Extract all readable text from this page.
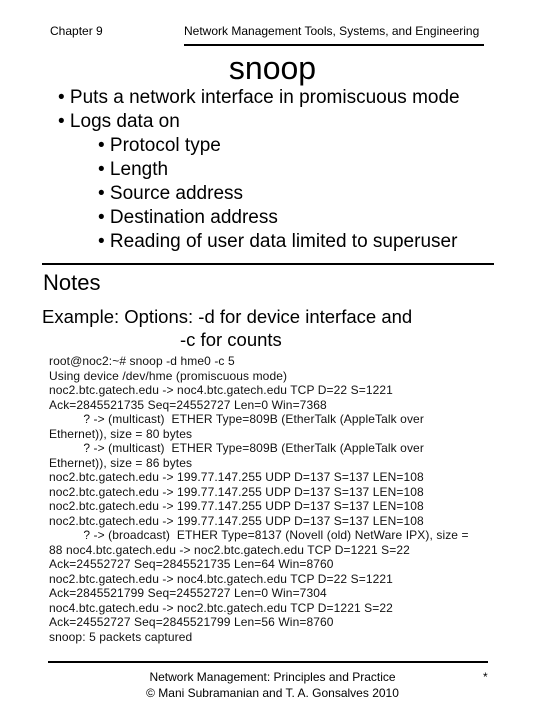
Chapter 9	Network Management Tools, Systems, and Engineering
snoop
• Puts a network interface in promiscuous mode
• Logs data on
• Protocol type
• Length
• Source address
• Destination address
• Reading of user data limited to superuser
Notes
Example: Options: -d for device interface and
-c for counts
root@noc2:~# snoop -d hme0 -c 5
Using device /dev/hme (promiscuous mode)
noc2.btc.gatech.edu -> noc4.btc.gatech.edu TCP D=22 S=1221
Ack=2845521735 Seq=24552727 Len=0 Win=7368
? -> (multicast)  ETHER Type=809B (EtherTalk (AppleTalk over
Ethernet)), size = 80 bytes
? -> (multicast)  ETHER Type=809B (EtherTalk (AppleTalk over
Ethernet)), size = 86 bytes
noc2.btc.gatech.edu -> 199.77.147.255 UDP D=137 S=137 LEN=108
noc2.btc.gatech.edu -> 199.77.147.255 UDP D=137 S=137 LEN=108
noc2.btc.gatech.edu -> 199.77.147.255 UDP D=137 S=137 LEN=108
noc2.btc.gatech.edu -> 199.77.147.255 UDP D=137 S=137 LEN=108
? -> (broadcast)  ETHER Type=8137 (Novell (old) NetWare IPX), size =
88 noc4.btc.gatech.edu -> noc2.btc.gatech.edu TCP D=1221 S=22
Ack=24552727 Seq=2845521735 Len=64 Win=8760
noc2.btc.gatech.edu -> noc4.btc.gatech.edu TCP D=22 S=1221
Ack=2845521799 Seq=24552727 Len=0 Win=7304
noc4.btc.gatech.edu -> noc2.btc.gatech.edu TCP D=1221 S=22
Ack=24552727 Seq=2845521799 Len=56 Win=8760
snoop: 5 packets captured
Network Management: Principles and Practice
© Mani Subramanian and T. A. Gonsalves 2010
*
